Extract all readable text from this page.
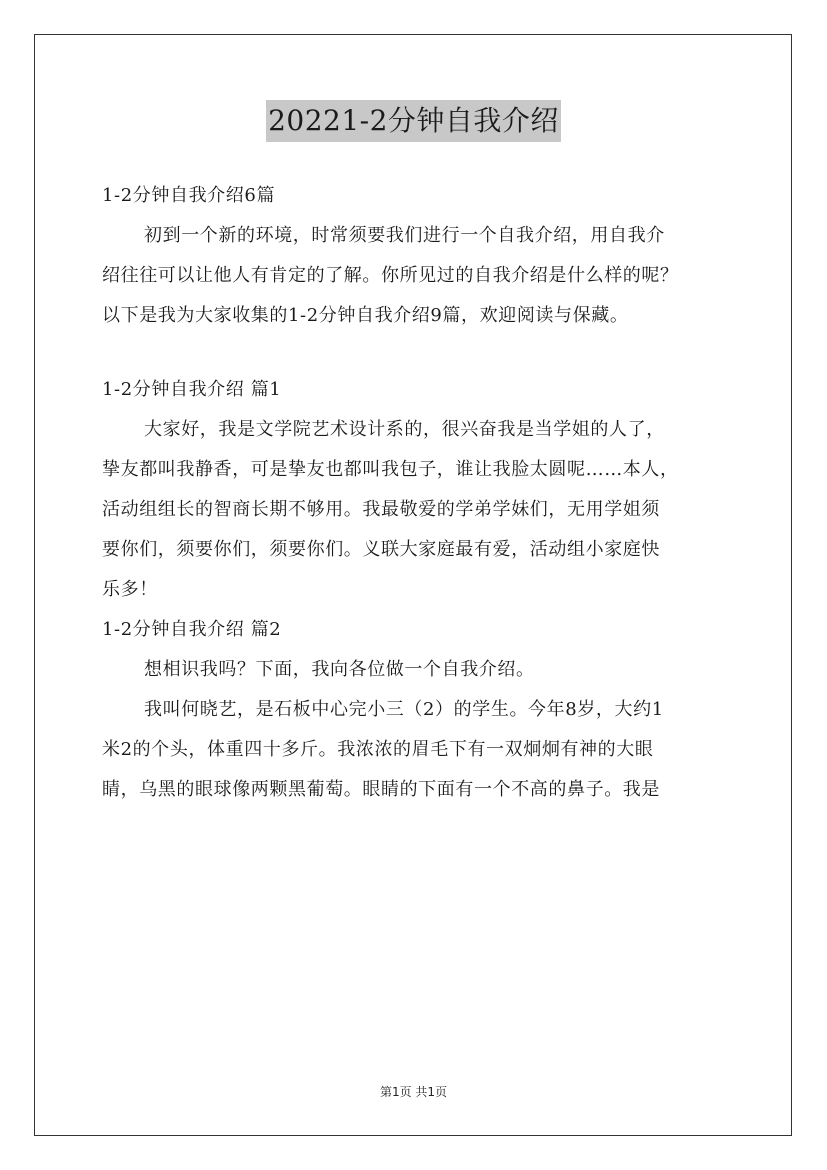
20221-2分钟自我介绍
1-2分钟自我介绍6篇
初到一个新的环境，时常须要我们进行一个自我介绍，用自我介
绍往往可以让他人有肯定的了解。你所见过的自我介绍是什么样的呢？
以下是我为大家收集的1-2分钟自我介绍9篇，欢迎阅读与保藏。
1-2分钟自我介绍 篇1
大家好，我是文学院艺术设计系的，很兴奋我是当学姐的人了，
挚友都叫我静香，可是挚友也都叫我包子，谁让我脸太圆呢……本人，
活动组组长的智商长期不够用。我最敬爱的学弟学妹们，无用学姐须
要你们，须要你们，须要你们。义联大家庭最有爱，活动组小家庭快
乐多！
1-2分钟自我介绍 篇2
想相识我吗？下面，我向各位做一个自我介绍。
我叫何晓艺，是石板中心完小三（2）的学生。今年8岁，大约1
米2的个头，体重四十多斤。我浓浓的眉毛下有一双炯炯有神的大眼
睛，乌黑的眼球像两颗黑葡萄。眼睛的下面有一个不高的鼻子。我是
第1页 共1页
